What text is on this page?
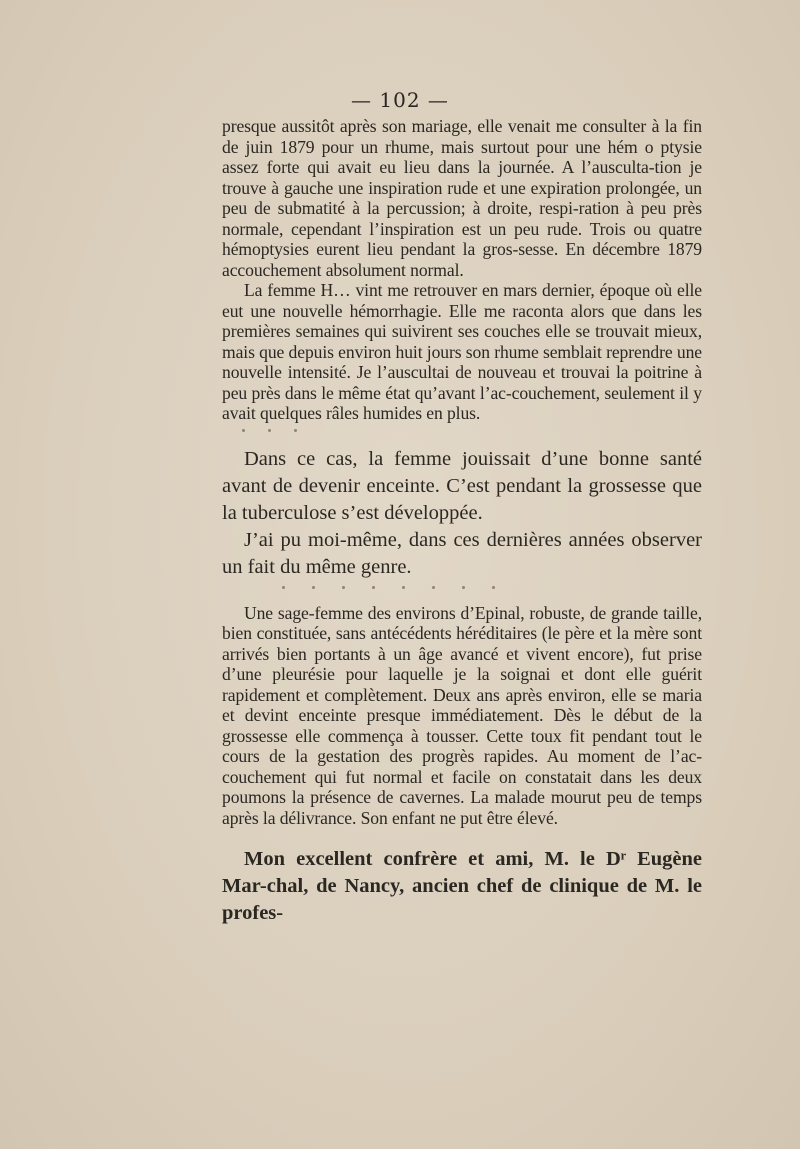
— 102 —

presque aussitôt après son mariage, elle venait me consulter à la fin de juin 1879 pour un rhume, mais surtout pour une hém o ptysie assez forte qui avait eu lieu dans la journée. A l’ausculta-tion je trouve à gauche une inspiration rude et une expiration prolongée, un peu de submatité à la percussion; à droite, respi-ration à peu près normale, cependant l’inspiration est un peu rude. Trois ou quatre hémoptysies eurent lieu pendant la gros-sesse. En décembre 1879 accouchement absolument normal.

La femme H… vint me retrouver en mars dernier, époque où elle eut une nouvelle hémorrhagie. Elle me raconta alors que dans les premières semaines qui suivirent ses couches elle se trouvait mieux, mais que depuis environ huit jours son rhume semblait reprendre une nouvelle intensité. Je l’auscultai de nouveau et trouvai la poitrine à peu près dans le même état qu’avant l’ac-couchement, seulement il y avait quelques râles humides en plus.

Dans ce cas, la femme jouissait d’une bonne santé avant de devenir enceinte. C’est pendant la grossesse que la tuberculose s’est développée.

J’ai pu moi-même, dans ces dernières années observer un fait du même genre.

Une sage-femme des environs d’Epinal, robuste, de grande taille, bien constituée, sans antécédents héréditaires (le père et la mère sont arrivés bien portants à un âge avancé et vivent encore), fut prise d’une pleurésie pour laquelle je la soignai et dont elle guérit rapidement et complètement. Deux ans après environ, elle se maria et devint enceinte presque immédiatement. Dès le début de la grossesse elle commença à tousser. Cette toux fit pendant tout le cours de la gestation des progrès rapides. Au moment de l’ac-couchement qui fut normal et facile on constatait dans les deux poumons la présence de cavernes. La malade mourut peu de temps après la délivrance. Son enfant ne put être élevé.

Mon excellent confrère et ami, M. le Dʳ Eugène Mar-chal, de Nancy, ancien chef de clinique de M. le profes-
